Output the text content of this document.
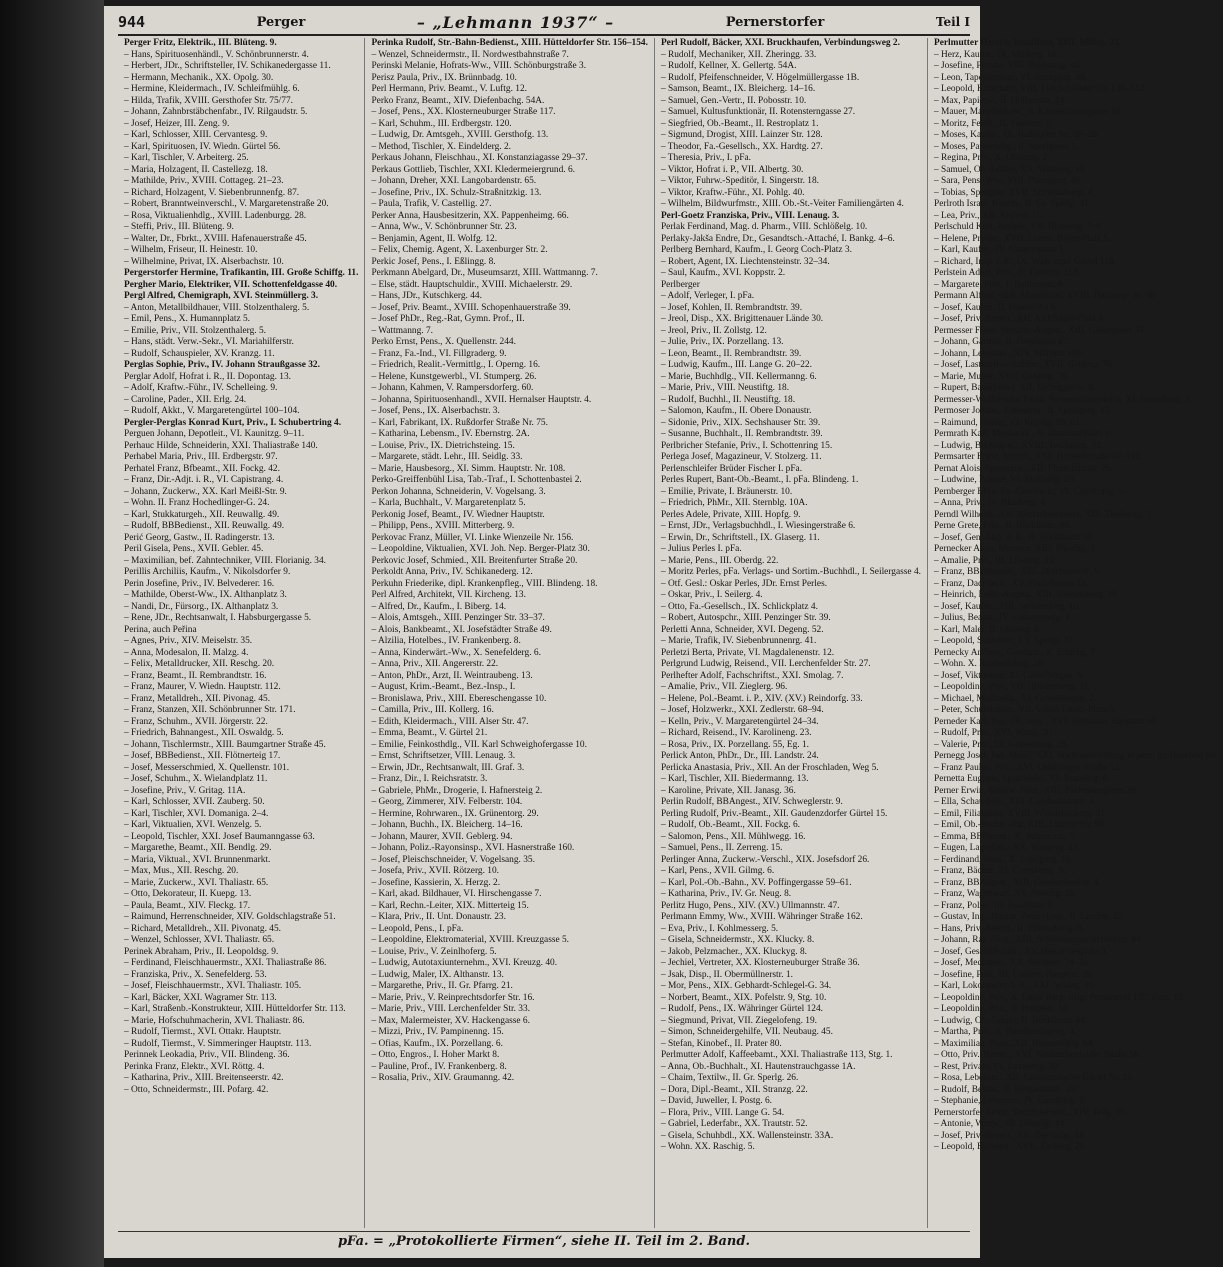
944	Perger	– „Lehmann 1937“ –	Pernerstorfer	Teil I
Perger Fritz, Elektrik., III. Blüteng. 9.
– Hans, Spirituosenhändl., V. Schönbrunnerstr. 4.
– Herbert, JDr., Schriftsteller, IV. Schikanedergasse 11.
– Hermann, Mechanik., XX. Opolg. 30.
– Hermine, Kleidermach., IV. Schleifmühlg. 6.
– Hilda, Trafik, XVIII. Gersthofer Str. 75/77.
– Johann, Zahnbrstäbchenfabr., IV. Rilgaudstr. 5.
– Josef, Heizer, III. Zeng. 9.
– Karl, Schlosser, XIII. Cervantesg. 9.
– Karl, Spirituosen, IV. Wiedn. Gürtel 56.
– Karl, Tischler, V. Arbeiterg. 25.
– Maria, Holzagent, II. Castellezg. 18.
– Mathilde, Priv., XVIII. Cottageg. 21–23.
– Richard, Holzagent, V. Siebenbrunnenfg. 87.
– Robert, Branntweinverschl., V. Margaretenstraße 20.
– Rosa, Viktualienhdlg., XVIII. Ladenburgg. 28.
– Steffi, Priv., III. Blüteng. 9.
– Walter, Dr., Fbrkt., XVIII. Hafenauerstraße 45.
– Wilhelm, Friseur, II. Heinestr. 10.
– Wilhelmine, Privat, IX. Alserbachstr. 10.
Pergerstorfer Hermine, Trafikantin, III. Große Schiffg. 11.
Pergher Mario, Elektriker, VII. Schottenfeldgasse 40.
Pergl Alfred, Chemigraph, XVI. Steinmüllerg. 3.
– Anton, Metallbildhauer, VIII. Stolzenthalerg. 5.
– Emil, Pens., X. Humannplatz 5.
– Emilie, Priv., VII. Stolzenthalerg. 5.
– Hans, städt. Verw.-Sekr., VI. Mariahilferstr.
– Rudolf, Schauspieler, XV. Kranzg. 11.
Perglas Sophie, Priv., IV. Johann Straußgasse 32.
Perglar Adolf, Hofrat i. R., II. Dopontag. 13.
– Adolf, Kraftw.-Führ., IV. Schelleing. 9.
– Caroline, Pader., XII. Erlg. 24.
– Rudolf, Akkt., V. Margaretengürtel 100–104.
Pergler-Perglas Konrad Kurt, Priv., I. Schubertring 4.
Perguen Johann, Depotleit., VI. Kaunitzg. 9–11.
Perhauc Hilde, Schneiderin, XXI. Thaliastraße 140.
Perhabel Maria, Priv., III. Erdbergstr. 97.
Perhatel Franz, Bfbeamt., XII. Fockg. 42.
– Franz, Dir.-Adjt. i. R., VI. Capistrang. 4.
– Johann, Zuckerw., XX. Karl Meißl-Str. 9.
– Wohn. II. Franz Hochedlinger-G. 24.
– Karl, Stukkaturgeh., XII. Reuwallg. 49.
– Rudolf, BBBedienst., XII. Reuwallg. 49.
Perić Georg, Gastw., II. Radingerstr. 13.
Peril Gisela, Pens., XVII. Gebler. 45.
– Maximilian, bef. Zahntechniker, VIII. Florianig. 34.
Perillis Archiliis, Kaufm., V. Nikolsdorfer 9.
Perin Josefine, Priv., IV. Belvederег. 16.
– Mathilde, Oberst-Ww., IX. Althanplatz 3.
– Nandi, Dr., Fürsorg., IX. Althanplatz 3.
– Rene, JDr., Rechtsanwalt, I. Habsburgergasse 5.
Perina, auch Peřina
– Agnes, Priv., XIV. Meiselstr. 35.
– Anna, Modesalon, II. Malzg. 4.
– Felix, Metalldrucker, XII. Reschg. 20.
– Franz, Beamt., II. Rembrandtstr. 16.
– Franz, Maurer, V. Wiedn. Hauptstr. 112.
– Franz, Metalldreh., XII. Pivonag. 45.
– Franz, Stanzen, XII. Schönbrunner Str. 171.
– Franz, Schuhm., XVII. Jörgerstr. 22.
– Friedrich, Bahnangest., XII. Oswaldg. 5.
– Johann, Tischlermstr., XIII. Baumgartner Straße 45.
– Josef, BBBedienst., XII. Flötnerteig 17.
– Josef, Messerschmied, X. Quellenstr. 101.
– Josef, Schuhm., X. Wielandplatz 11.
– Josefine, Priv., V. Gritag. 11A.
– Karl, Schlosser, XVII. Zauberg. 50.
– Karl, Tischler, XVI. Domaniga. 2–4.
– Karl, Viktualien, XVI. Wenzelg. 5.
– Leopold, Tischler, XXI. Josef Baumanngasse 63.
– Margarethe, Beamt., XII. Bendlg. 29.
– Maria, Viktual., XVI. Brunnenmarkt.
– Max, Mus., XII. Reschg. 20.
– Marie, Zuckerw., XVI. Thaliastr. 65.
– Otto, Dekorateur, II. Kuepg. 13.
– Paula, Beamt., XIV. Fleckg. 17.
– Raimund, Herrenschneider, XIV. Goldschlagstraße 51.
– Richard, Metalldreh., XII. Pivonatg. 45.
– Wenzel, Schlosser, XVI. Thaliastr. 65.
Perinek Abraham, Priv., II. Leopoldsg. 9.
– Ferdinand, Fleischhauermstr., XXI. Thaliastraße 86.
– Franziska, Priv., X. Senefelderg. 53.
– Josef, Fleischhauermstr., XVI. Thaliastr. 105.
– Karl, Bäcker, XXI. Wagramer Str. 113.
– Karl, Straßenb.-Konstrukteur, XIII. Hütteldorfer Str. 113.
– Marie, Hofschuhmacherin, XVI. Thaliastr. 86.
– Rudolf, Tiermst., XVI. Ottakr. Hauptstr.
– Rudolf, Tiermst., V. Simmeringer Hauptstr. 113.
Perinnek Leokadia, Priv., VII. Blindeng. 36.
Perinka Franz, Elektr., XVI. Röttg. 4.
– Katharina, Priv., XIII. Breitenseerstr. 42.
– Otto, Schneidermstr., III. Pofarg. 42.
Perinka Rudolf, Str.-Bahn-Bedienst., XIII. Hütteldorfer Str. 156–154.
– Wenzel, Schneidermstr., II. Nordwestbahnstraße 7.
Perinski Melanie, Hofrats-Ww., VIII. Schönburgstraße 3.
Perisz Paula, Priv., IX. Brünnbadg. 10.
Perl Hermann, Priv. Beamt., V. Luftg. 12.
Perko Franz, Beamt., XIV. Diefenbachg. 54A.
– Josef, Pens., XX. Klosterneuburger Straße 117.
– Karl, Schuhm., III. Erdbergstr. 120.
– Ludwig, Dr. Amtsgeh., XVIII. Gersthofg. 13.
– Method, Tischler, X. Eindelderg. 2.
Perkaus Johann, Fleischhau., XI. Konstanziagasse 29–37.
Perkaus Gottlieb, Tischler, XXI. Kledermeiergrund. 6.
– Johann, Dreher, XXI. Langobardenstr. 65.
– Josefine, Priv., IX. Schulz-Straßnitzkig. 13.
– Paula, Trafik, V. Castellig. 27.
Perker Anna, Hausbesitzerin, XX. Pappenheimg. 66.
– Anna, Ww., V. Schönbrunner Str. 23.
– Benjamin, Agent, II. Wolfg. 12.
– Felix, Chemig. Agent, X. Laxenburger Str. 2.
Perkic Josef, Pens., I. Eßlingg. 8.
Perkmann Abelgard, Dr., Museumsarzt, XIII. Wattmanng. 7.
– Else, städt. Hauptschuldir., XVIII. Michaelerstr. 29.
– Hans, JDr., Kutschkerg. 44.
– Josef, Priv. Beamt., XVIII. Schopenhauerstraße 39.
– Josef PhDr., Reg.-Rat, Gymn. Prof., II.
– Wattmanng. 7.
Perko Ernst, Pens., X. Quellenstr. 244.
– Franz, Fa.-Ind., VI. Fillgraderg. 9.
– Friedrich, Realit.-Vermittlg., I. Operng. 16.
– Helene, Kunstgewerbl., VI. Stumperg. 26.
– Johann, Kahmen, V. Rampersdorferg. 60.
– Johanna, Spirituosenhandl., XVII. Hernalser Hauptstr. 4.
– Josef, Pens., IX. Alserbachstr. 3.
– Karl, Fabrikant, IX. Rußdorfer Straße Nr. 75.
– Katharina, Lebensm., IV. Ebernstrg. 2A.
– Louise, Priv., IX. Dietrichsteing. 15.
– Margarete, städt. Lehr., III. Seidlg. 33.
– Marie, Hausbesorg., XI. Simm. Hauptstr. Nr. 108.
Perko-Greiffenbühl Lisa, Tab.-Traf., I. Schottenbastei 2.
Perkon Johanna, Schneiderin, V. Vogelsang. 3.
– Karla, Buchhalt., V. Margaretenplatz 5.
Perkonig Josef, Beamt., IV. Wiedner Hauptstr.
– Philipp, Pens., XVIII. Mitterberg. 9.
Perkovac Franz, Müller, VI. Linke Wienzeile Nr. 156.
– Leopoldine, Viktualien, XVI. Joh. Nep. Berger-Platz 30.
Perkovic Josef, Schmied., XII. Breitenfurter Straße 20.
Perkoldt Anna, Priv., IV. Schikanederg. 12.
Perkuhn Friederike, dipl. Krankenpfleg., VIII. Blindeng. 18.
Perl Alfred, Architekt, VII. Kircheng. 13.
– Alfred, Dr., Kaufm., I. Biberg. 14.
– Alois, Amtsgeh., XIII. Penzinger Str. 33–37.
– Alois, Bankbeamt., XI. Josefstädter Straße 49.
– Alzilia, Hotelbes., IV. Frankenberg. 8.
– Anna, Kinderwärt.-Ww., X. Senefelderg. 6.
– Anna, Priv., XII. Angererstr. 22.
– Anton, PhDr., Arzt, II. Weintraubeng. 13.
– August, Krim.-Beamt., Bez.-Insp., I.
– Bronislawa, Priv., XIII. Ebereschengasse 10.
– Camilla, Priv., III. Kollerg. 16.
– Edith, Kleidermach., VIII. Alser Str. 47.
– Emma, Beamt., V. Gürtel 21.
– Emilie, Feinkosthdlg., VII. Karl Schweighofergasse 10.
– Ernst, Schriftsetzer, VIII. Lenaug. 3.
– Erwin, JDr., Rechtsanwalt, III. Graf. 3.
– Franz, Dir., I. Reichsratstr. 3.
– Gabriele, PhMr., Drogerie, I. Hafnersteig 2.
– Georg, Zimmerer, XIV. Felberstr. 104.
– Hermine, Rohrwaren., IX. Grünentorg. 29.
– Johann, Buchh., IX. Bleicherg. 14–16.
– Johann, Maurer, XVII. Geblerg. 94.
– Johann, Poliz.-Rayonsinsp., XVI. Hasnerstraße 160.
– Josef, Pleischschneider, V. Vogelsang. 35.
– Josefa, Priv., XVII. Rötzerg. 10.
– Josefine, Kassierin, X. Herzg. 2.
– Karl, akad. Bildhauer, VI. Hirschengasse 7.
– Karl, Rechn.-Leiter, XIX. Mitterteig 15.
– Klara, Priv., II. Unt. Donaustr. 23.
– Leopold, Pens., I. pFa.
– Leopoldine, Elektromaterial, XVIII. Kreuzgasse 5.
– Louise, Priv., V. Zeinlhoferg. 5.
– Ludwig, Autotaxiunternehm., XVI. Kreuzg. 40.
– Ludwig, Maler, IX. Althanstr. 13.
– Margarethe, Priv., II. Gr. Pfarrg. 21.
– Marie, Priv., V. Reinprechtsdorfer Str. 16.
– Marie, Priv., VIII. Lerchenfelder Str. 33.
– Max, Malermeister, XV. Hackengasse 6.
– Mizzi, Priv., IV. Pampinenng. 15.
– Ofias, Kaufm., IX. Porzellang. 6.
– Otto, Engros., I. Hoher Markt 8.
– Pauline, Prof., IV. Frankenberg. 8.
– Rosalia, Priv., XIV. Graumanng. 42.
Perl Rudolf, Bäcker, XXI. Bruckhaufen, Verbindungsweg 2.
– Rudolf, Mechaniker, XII. Zheringg. 33.
– Rudolf, Kellner, X. Gellertg. 54A.
– Rudolf, Pfeifenschneider, V. Högelmüllergasse 1B.
– Samson, Beamt., IX. Bleicherg. 14–16.
– Samuel, Gen.-Vertr., II. Pobosstr. 10.
– Samuel, Kultusfunktionär, II. Rotensterngasse 27.
– Siegfried, Ob.-Beamt., II. Restroplatz 1.
– Sigmund, Drogist, XIII. Lainzer Str. 128.
– Theodor, Fa.-Gesellsch., XX. Hardtg. 27.
– Theresia, Priv., I. pFa.
– Viktor, Hofrat i. P., VII. Albertg. 30.
– Viktor, Fuhrw.-Speditör, I. Singerstr. 18.
– Viktor, Kraftw.-Führ., XI. Pohlg. 40.
– Wilhelm, Bildwurfmstr., XIII. Ob.-St.-Veiter Familiengärten 4.
Perl-Goetz Franziska, Priv., VIII. Lenaug. 3.
Perlak Ferdinand, Mag. d. Pharm., VIII. Schlößelg. 10.
Perlaky-Jakša Endre, Dr., Gesandtsch.-Attaché, I. Bankg. 4–6.
Perlberg Bernhard, Kaufm., I. Georg Coch-Platz 3.
– Robert, Agent, IX. Liechtensteinstr. 32–34.
– Saul, Kaufm., XVI. Koppstr. 2.
Perlberger
– Adolf, Verleger, I. pFa.
– Josef, Kohlen, II. Rembrandtstr. 39.
– Jreol, Disp., XX. Brigittenauer Lände 30.
– Jreol, Priv., II. Zollstg. 12.
– Julie, Priv., IX. Porzellang. 13.
– Leon, Beamt., II. Rembrandtstr. 39.
– Ludwig, Kaufm., III. Lange G. 20–22.
– Marie, Buchhdlg., VII. Kellermanng. 6.
– Marie, Priv., VIII. Neustiftg. 18.
– Rudolf, Buchhl., II. Neustiftg. 18.
– Salomon, Kaufm., II. Obere Donaustr.
– Sidonie, Priv., XIX. Sechshauser Str. 39.
– Susanne, Buchhalt., II. Rembrandtstr. 39.
Perlbricher Stefanie, Priv., I. Schottenring 15.
Perlega Josef, Magazineur, V. Stolzerg. 11.
Perlenschleifer Brüder Fischer I. pFa.
Perles Rupert, Bant-Ob.-Beamt., I. pFa. Blindeng. 1.
– Emilie, Private, I. Bräunerstr. 10.
– Friedrich, PhMr., XII. Sternblg. 10A.
Perles Adele, Private, XIII. Hopfg. 9.
– Ernst, JDr., Verlagsbuchhdl., I. Wiesingerstraße 6.
– Erwin, Dr., Schriftstell., IX. Glaserg. 11.
– Julius Perles I. pFa.
– Marie, Pens., III. Oberdg. 22.
– Moritz Perles, pFa. Verlags- und Sortim.-Buchhdl., I. Seilergasse 4.
– Otf. Gesl.: Oskar Perles, JDr. Ernst Perles.
– Oskar, Priv., I. Seilerg. 4.
– Otto, Fa.-Gesellsch., IX. Schlickplatz 4.
– Robert, Autospchr., XIII. Penzinger Str. 39.
Perletti Anna, Schneider, XVI. Degeng. 52.
– Marie, Trafik, IV. Siebenbrunnenrg. 41.
Perletzi Berta, Private, VI. Magdalenenstr. 12.
Perlgrund Ludwig, Reisend., VII. Lerchenfelder Str. 27.
Perlhefter Adolf, Fachschriftst., XXI. Smolag. 7.
– Amalie, Priv., VII. Zieglerg. 96.
– Helene, Pol.-Beamt. i. P., XIV. (XV.) Reindorfg. 33.
– Josef, Holzwerkr., XXI. Zedlerstr. 68–94.
– Kelln, Priv., V. Margaretengürtel 24–34.
– Richard, Reisend., IV. Karolineng. 23.
– Rosa, Priv., IX. Porzellang. 55, Eg. 1.
Perlick Anton, PhDr., Dr., III. Landstr. 24.
Perlicka Anastasia, Priv., XII. An der Froschladen, Weg 5.
– Karl, Tischler, XII. Biedermanng. 13.
– Karoline, Private, XII. Janasg. 36.
Perlin Rudolf, BBAngest., XIV. Schweglerstr. 9.
Perling Rudolf, Priv.-Beamt., XII. Gaudenzdorfer Gürtel 15.
– Rudolf, Ob.-Beamt., XII. Fockg. 6.
– Salomon, Pens., XII. Mühlwegg. 16.
– Samuel, Pens., II. Zerreng. 15.
Perlinger Anna, Zuckerw.-Verschl., XIX. Josefsdorf 26.
– Karl, Pens., XVII. Gilmg. 6.
– Karl, Pol.-Ob.-Bahn., XV. Poffingergasse 59–61.
– Katharina, Priv., IV. Gr. Neug. 8.
Perlitz Hugo, Pens., XIV. (XV.) Ullmannstr. 47.
Perlmann Emmy, Ww., XVIII. Währinger Straße 162.
– Eva, Priv., I. Kohlmesserg. 5.
– Gisela, Schneidermstr., XX. Klucky. 8.
– Jakob, Pelzmacher., XX. Kluckyg. 8.
– Jechiel, Vertreter, XX. Klosterneuburger Straße 36.
– Jsak, Disp., II. Obermüllnerstr. 1.
– Mor, Pens., XIX. Gebhardt-Schlegel-G. 34.
– Norbert, Beamt., XIX. Pofelstr. 9, Stg. 10.
– Rudolf, Pens., IX. Währinger Gürtel 124.
– Siegmund, Privat, VII. Ziegelofeng. 19.
– Simon, Schneidergehilfe, VII. Neubaug. 45.
– Stefan, Kinobef., II. Prater 80.
Perlmutter Adolf, Kaffeebamt., XXI. Thaliastraße 113, Stg. 1.
– Anna, Ob.-Buchhalt., XI. Hautenstrauchgasse 1A.
– Chaim, Textilw., II. Gr. Sperlg. 26.
– Dora, Dipl.-Beamt., XII. Stranzg. 22.
– David, Juweller, I. Postg. 6.
– Flora, Priv., VIII. Lange G. 54.
– Gabriel, Lederfabr., XX. Trautstr. 52.
– Gisela, Schuhbdl., XX. Wallensteinstr. 33A.
– Wohn. XX. Raschig. 5.
Perlmutter Hersch, Installant, XIII. Mitisg. 21.
– Herz, Kaufm., IX. Müllerg. 14.
– Josefine, Private, VIII. Piaristeng. 46.
– Leon, Tapeziermstr., VI. Stumperg. 48.
– Leopold, Kürschner, VIII. Lerchenfelder Str. 138–142.
– Max, Papierw., II. Hollandstr. 14.
– Mauer, Manufakturw., II. Krummbaumgasse 10.
– Moritz, Feldh., II. Taborstr. 1.
– Moses, Kaufm., IX. Rußdorfer Str. 26–28.
– Moses, Papierhdlg., II. Sperlgasse 1.
– Regina, Priv., X. Uhlandg. 2.
– Samuel, Ob.-Lehrer, XX. Wasnerg. 15.
– Sara, Pens.-Ww., VIII. Piaristeng. 46.
– Tobias, Spengler, XVII. Schwandnerg. 4.
Perlroth Israel, Kaufm., II. Gr. Sperlg. 31.
– Lea, Priv., XII. Andrstr. 15.
Perlschuld Kurt, Knöpfe, VII. Blindeng. 7–9.
– Helene, Private, XVII. Lorenz Bayer-Platz 5.
– Karl, Kaufm., IV. Czerninplatz 1.
– Richard, Insp. i. R., IX. Währinger Gürtel 118.
Perlstein Adele, Priv., II. Taborstr. 11B.
– Margarete, Priv., I. Rathausstr. 8.
Permann Alfred, städt. Maschinist, XVIII. Bastieng. 36–38.
– Josef, Kaufm., II. Oberer Au 6.
– Josef, Priv.-Beamt., XII. Aichfelder-Platz 3.
Permesser Franz, Versich.-Angest., XIII. Gobergasse 54.
– Johann, Gärtner, II. Freudenau 67.
– Johann, Lebensm., XIV. Märzstr. 109.
– Josef, Lastkraftwerksführ., XVII. Geblerg. 76.
– Marie, Mutter, XVII. Geblerg. 76.
– Rupert, Bauarbeiter, XII. Gefreggerstr. 8.
Permesser-Wolfensohn Paula, Steinmetzmeisterin, XI. Geiselberg. 3.
Permoser Johann, Zimmerm., II. Springerg. 15.
– Raimund, Heizer, XI. Kopalg. 55–61.
Permrath Karl, Mechanik., X. Reumannplatz 1.
– Ludwig, BBAngest., XVIII. Teschnerg. 32.
Permsarter Franz, Stonitt., XXI. Hauslebstraße Nr. 191.
Pernat Alois, Spezereiw., XII. Flurschützstr. 26.
– Ludwine, Private, VI. Mollardg. 25.
Pernberger Elise, Fa.-Gesellsch., VI. Capistrang. 5.
– Anna, Priv., IV. Blindeng. 4.
Perndl Wilhelm, JDr., Rechtskonsulent, XIX. Dollinerg. 1.
Perne Grete, Priv., II. Böcklinstr. 90.
– Josef, Gen.-Maj. d. R., II. Böcklinstr. 90.
Pernecker Alois, Monteur, XIII. Pölschg. 3.
– Amalie, Priv., III. Löweng. 21.
– Franz, BBahnassist., XIII. Drechauerstr. 6.
– Franz, Dachdeck., XV. Fuchsboden 15.
– Heinrich, Erdb.-Angest., XIII. Riemmaterg. 19.
– Josef, Kaufm., XIII. Steinbrüchg. 10.
– Julius, Beamt., IV. Leibenfrostg. 1.
– Karl, Maler, II. Oboeng. 8.
– Leopold, Schlosser, XV. Sperlg. 37.
Pernecky Andreas, Gewhzlr., X. Erlachg. 7.
– Wohn. X. Raaberbahng. 16.
– Josef, Viktualien, XI. Geiselbergstr. 5.
– Leopoldine, Priv., VII. Blindenberg. 31.
– Michael, Mechanik., XI. Geiselbergstr. 2.
– Peter, Schuhmmstr., VII. Urban Loritz-Platz 5.
Perneder Karl, Ing., Ob.-Insp., XVI. Hernalser Hauptstr. 69.
– Rudolf, Priv., XVI. Wattg. 20.
– Valerie, Priv., IX. Grünentorg. 28.
Pernegg Josef, Ind.-Maier, XXI. Stadtrandsiedlung Wpern. im Hausfeld 50.
– Franz Paulus, Priv., XVI. Ottakringer Straße 52.
Pernetta Eugenie, Sprachlehr., VI. Joanellig. 8.
Perner Erwin, Kraftw.-Führ., XIII. Pachmanngasse 26.
– Ella, Schauspiel., XIII. Cumberlandstr. 4.
– Emil, Filialleiter, XVIII. Wittelsbacherg. 31.
– Emil, Ob.-Rechn.-Rat, XIII. Lainzer Str. 99.
– Emma, BBBeamt., X. Johannastr. 5.
– Eugen, Lagerhalt., XX. Waagerg. 21.
– Ferdinand, Pens., X. Landgutg. 16.
– Franz, Bäcker, XI. Corneliusg. 9.
– Franz, BBAngest., XIII. Cumberlandstr. 4.
– Franz, Wagenwart, XV. Storchg. 15.
– Franz, Polier, III. Feuerbstr. 9.
– Gustav, Ing., Baurat, Zentr.-Insp., II. Landstr. 22.
– Hans, Priv.-Beamt., II. Pillersdorfg. 8.
– Johann, Raz.-Insp., XIII. Schönbrunner Schloßstr. 44.
– Josef, Geschäftsführ., XV. Henriettenplatz 3.
– Josef, Mechanik., XX. Stromstr. 74–76.
– Josefine, Priv., III. Landstr. Hauptstr. 28.
– Karl, Lokomotivf. i. R., XXI. Schleg. 10.
– Leopoldine, Priv., X. Laaer Berg. Erlg. Pernerstorf 197, Parz. 13.
– Leopoldine, Priv., II. Hauptstr. 16.
– Ludwig, Ob.-Lehrer, II. Böcklinstr. 44.
– Martha, Priv., X. Randhartingerg. 4.
– Maximilian, Pens., XII. Rotenmühlg. 64.
– Otto, Priv.-Beamt., XVI. Neulerchenfelder Straße 58.
– Rest, Private, IX. Lazarettg. 30.
– Rosa, Lebensm., XII. Gaudenzdorfer Gürtel Nr. 15.
– Rudolf, Beamt., II. Borgartenstr. 207.
– Stephanie, Lebensm., IV. Carolineg. 9.
Pernerstorfer Anton, Drechslermstr., XIV. Teßg. 10.
– Antonie, Wirtw., III. Löweng. 44.
– Josef, Priv.-Beamt., XII. Dietrichg. 18.
– Leopold, Buchbdl., XVII. Tauberg. 25.
pFa. = „Protokollierte Firmen“, siehe II. Teil im 2. Band.
